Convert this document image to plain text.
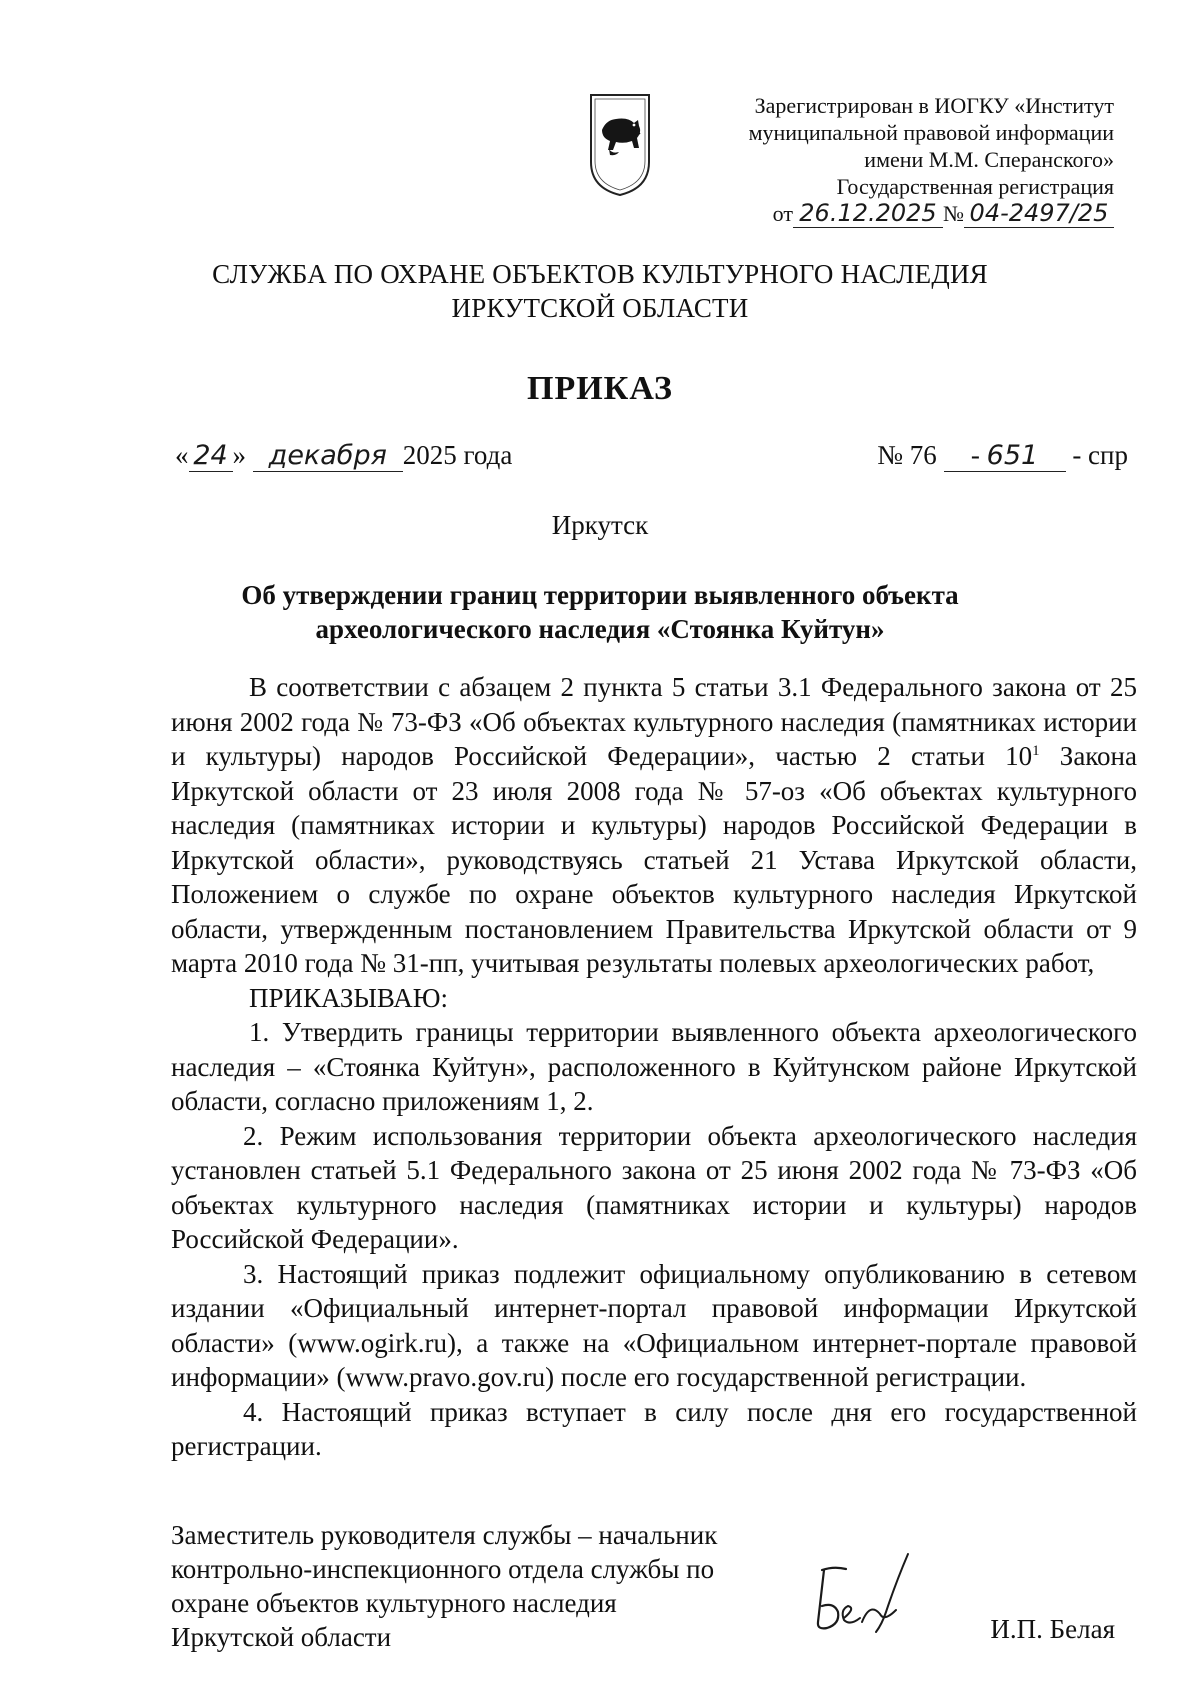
Зарегистрирован в ИОГКУ «Институт
муниципальной правовой информации
имени М.М. Сперанского»
Государственная регистрация
от 26.12.2025 № 04-2497/25
СЛУЖБА ПО ОХРАНЕ ОБЪЕКТОВ КУЛЬТУРНОГО НАСЛЕДИЯ
ИРКУТСКОЙ ОБЛАСТИ
ПРИКАЗ
« 24 » декабря 2025 года	№ 76 - 651 - спр
Иркутск
Об утверждении границ территории выявленного объекта
археологического наследия «Стоянка Куйтун»

В соответствии с абзацем 2 пункта 5 статьи 3.1 Федерального закона от 25 июня 2002 года № 73-ФЗ «Об объектах культурного наследия (памятниках истории и культуры) народов Российской Федерации», частью 2 статьи $10^1$ Закона Иркутской области от 23 июля 2008 года № 57-оз «Об объектах культурного наследия (памятниках истории и культуры) народов Российской Федерации в Иркутской области», руководствуясь статьей 21 Устава Иркутской области, Положением о службе по охране объектов культурного наследия Иркутской области, утвержденным постановлением Правительства Иркутской области от 9 марта 2010 года № 31-пп, учитывая результаты полевых археологических работ,

ПРИКАЗЫВАЮ:

1. Утвердить границы территории выявленного объекта археологического наследия – «Стоянка Куйтун», расположенного в Куйтунском районе Иркутской области, согласно приложениям 1, 2.

2. Режим использования территории объекта археологического наследия установлен статьей 5.1 Федерального закона от 25 июня 2002 года № 73-ФЗ «Об объектах культурного наследия (памятниках истории и культуры) народов Российской Федерации».

3. Настоящий приказ подлежит официальному опубликованию в сетевом издании «Официальный интернет-портал правовой информации Иркутской области» (www.ogirk.ru), а также на «Официальном интернет-портале правовой информации» (www.pravo.gov.ru) после его государственной регистрации.

4. Настоящий приказ вступает в силу после дня его государственной регистрации.

Заместитель руководителя службы – начальник
контрольно-инспекционного отдела службы по
охране объектов культурного наследия
Иркутской области	И.П. Белая
